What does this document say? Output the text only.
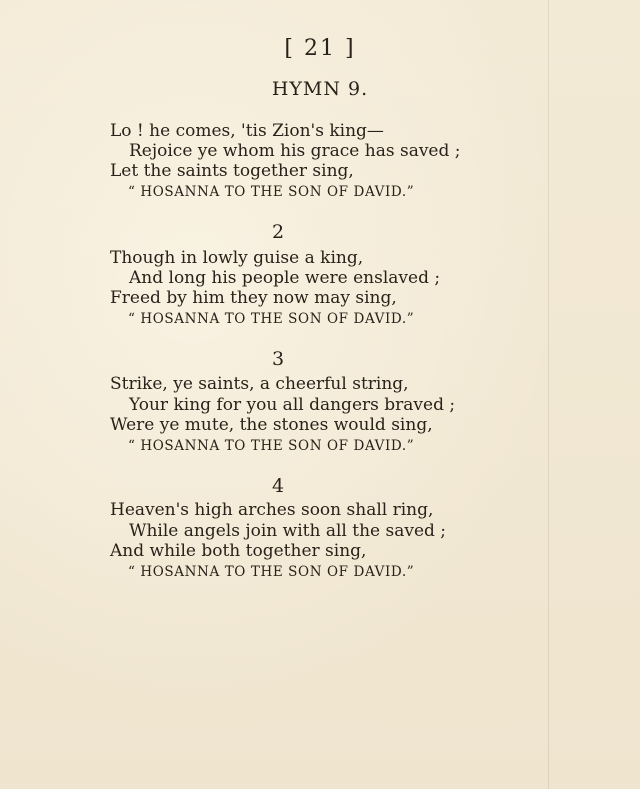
[ 21 ]
HYMN 9.
Lo ! he comes, 'tis Zion's king—
Rejoice ye whom his grace has saved ;
Let the saints together sing,
“ HOSANNA TO THE SON OF DAVID.”
2
Though in lowly guise a king,
And long his people were enslaved ;
Freed by him they now may sing,
“ HOSANNA TO THE SON OF DAVID.”
3
Strike, ye saints, a cheerful string,
Your king for you all dangers braved ;
Were ye mute, the stones would sing,
“ HOSANNA TO THE SON OF DAVID.”
4
Heaven's high arches soon shall ring,
While angels join with all the saved ;
And while both together sing,
“ HOSANNA TO THE SON OF DAVID.”
